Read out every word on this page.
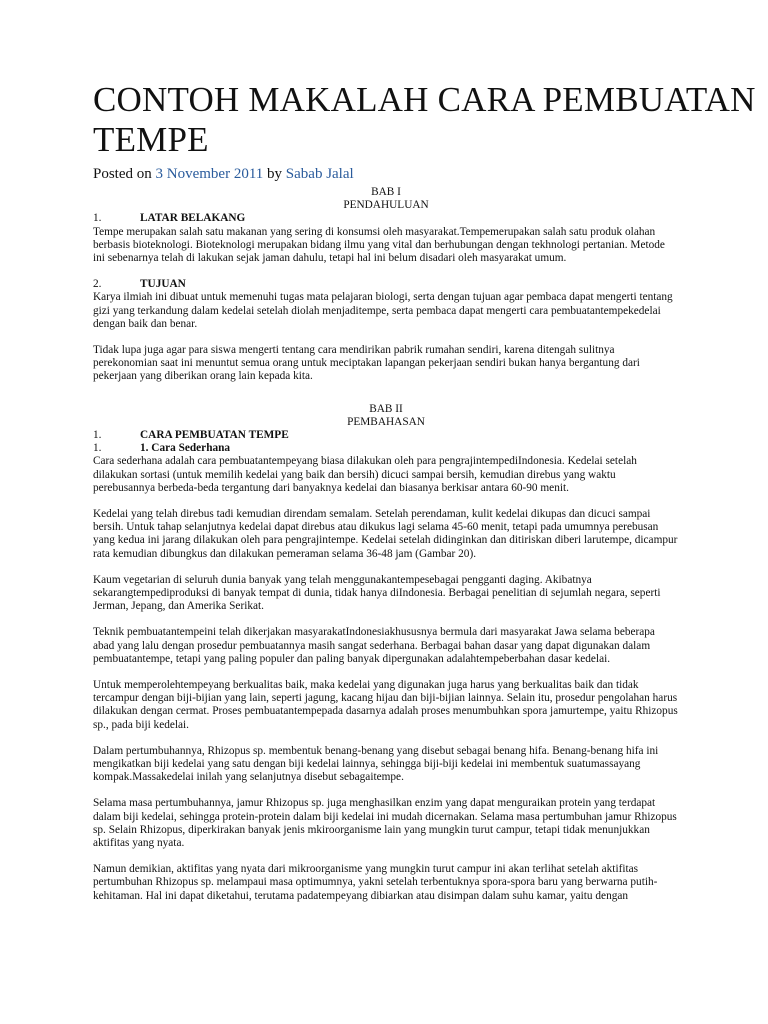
CONTOH MAKALAH CARA PEMBUATAN TEMPE
Posted on 3 November 2011 by Sabab Jalal
BAB I
PENDAHULUAN
1.	LATAR BELAKANG

Tempe merupakan salah satu makanan yang sering di konsumsi oleh masyarakat.Tempemerupakan salah satu produk olahan berbasis bioteknologi. Bioteknologi merupakan bidang ilmu yang vital dan berhubungan dengan tekhnologi pertanian. Metode ini sebenarnya telah di lakukan sejak jaman dahulu, tetapi hal ini belum disadari oleh masyarakat umum.

2.	TUJUAN

Karya ilmiah ini dibuat untuk memenuhi tugas mata pelajaran biologi, serta dengan tujuan agar pembaca dapat mengerti tentang gizi yang terkandung dalam kedelai setelah diolah menjaditempe, serta pembaca dapat mengerti cara pembuatantempekedelai dengan baik dan benar.

Tidak lupa juga agar para siswa mengerti tentang cara mendirikan pabrik rumahan sendiri, karena ditengah sulitnya perekonomian saat ini menuntut semua orang untuk meciptakan lapangan pekerjaan sendiri bukan hanya bergantung dari pekerjaan yang diberikan orang lain kepada kita.

BAB II
PEMBAHASAN
1.	CARA PEMBUATAN TEMPE
1.	1. Cara Sederhana

Cara sederhana adalah cara pembuatantempeyang biasa dilakukan oleh para pengrajintempediIndonesia. Kedelai setelah dilakukan sortasi (untuk memilih kedelai yang baik dan bersih) dicuci sampai bersih, kemudian direbus yang waktu perebusannya berbeda-beda tergantung dari banyaknya kedelai dan biasanya berkisar antara 60-90 menit.

Kedelai yang telah direbus tadi kemudian direndam semalam. Setelah perendaman, kulit kedelai dikupas dan dicuci sampai bersih. Untuk tahap selanjutnya kedelai dapat direbus atau dikukus lagi selama 45-60 menit, tetapi pada umumnya perebusan yang kedua ini jarang dilakukan oleh para pengrajintempe. Kedelai setelah didinginkan dan ditiriskan diberi larutempe, dicampur rata kemudian dibungkus dan dilakukan pemeraman selama 36-48 jam (Gambar 20).

Kaum vegetarian di seluruh dunia banyak yang telah menggunakantempesebagai pengganti daging. Akibatnya sekarangtempediproduksi di banyak tempat di dunia, tidak hanya diIndonesia. Berbagai penelitian di sejumlah negara, seperti Jerman, Jepang, dan Amerika Serikat.

Teknik pembuatantempeini telah dikerjakan masyarakatIndonesiakhususnya bermula dari masyarakat Jawa selama beberapa abad yang lalu dengan prosedur pembuatannya masih sangat sederhana. Berbagai bahan dasar yang dapat digunakan dalam pembuatantempe, tetapi yang paling populer dan paling banyak dipergunakan adalahtempeberbahan dasar kedelai.

Untuk memperolehtempeyang berkualitas baik, maka kedelai yang digunakan juga harus yang berkualitas baik dan tidak tercampur dengan biji-bijian yang lain, seperti jagung, kacang hijau dan biji-bijian lainnya. Selain itu, prosedur pengolahan harus dilakukan dengan cermat. Proses pembuatantempepada dasarnya adalah proses menumbuhkan spora jamurtempe, yaitu Rhizopus sp., pada biji kedelai.

Dalam pertumbuhannya, Rhizopus sp. membentuk benang-benang yang disebut sebagai benang hifa. Benang-benang hifa ini mengikatkan biji kedelai yang satu dengan biji kedelai lainnya, sehingga biji-biji kedelai ini membentuk suatumassayang kompak.Massakedelai inilah yang selanjutnya disebut sebagaitempe.

Selama masa pertumbuhannya, jamur Rhizopus sp. juga menghasilkan enzim yang dapat menguraikan protein yang terdapat dalam biji kedelai, sehingga protein-protein dalam biji kedelai ini mudah dicernakan. Selama masa pertumbuhan jamur Rhizopus sp. Selain Rhizopus, diperkirakan banyak jenis mkiroorganisme lain yang mungkin turut campur, tetapi tidak menunjukkan aktifitas yang nyata.

Namun demikian, aktifitas yang nyata dari mikroorganisme yang mungkin turut campur ini akan terlihat setelah aktifitas pertumbuhan Rhizopus sp. melampaui masa optimumnya, yakni setelah terbentuknya spora-spora baru yang berwarna putih-kehitaman. Hal ini dapat diketahui, terutama padatempeyang dibiarkan atau disimpan dalam suhu kamar, yaitu dengan
